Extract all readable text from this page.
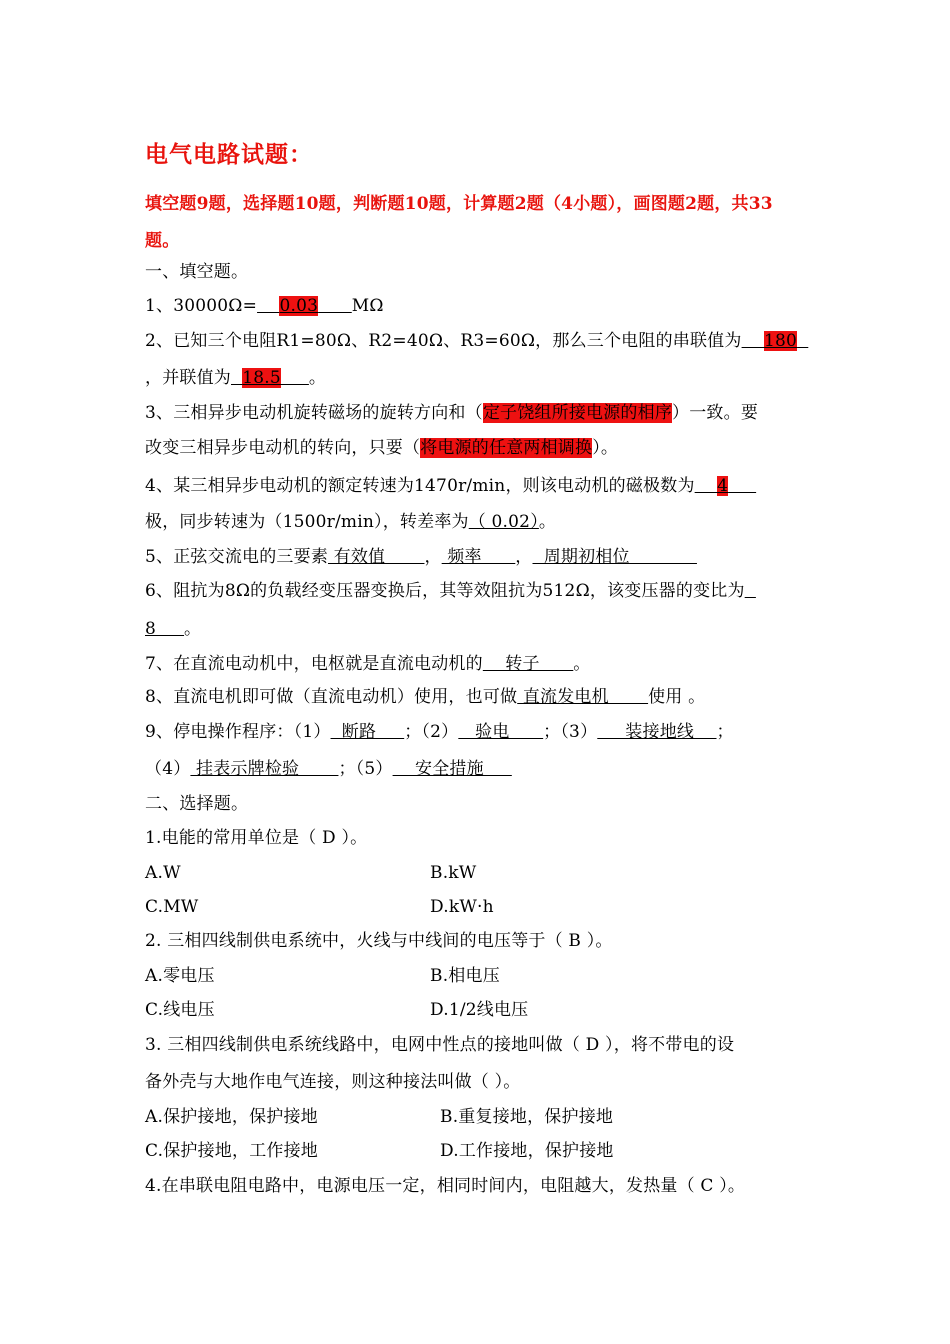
电气电路试题：
填空题9题，选择题10题，判断题10题，计算题2题（4小题），画图题2题，共33
题。
一、填空题。
1、30000Ω= 0.03 MΩ
2、已知三个电阻R1=80Ω、R2=40Ω、R3=60Ω，那么三个电阻的串联值为 180
，并联值为 18.5 。
3、三相异步电动机旋转磁场的旋转方向和（定子饶组所接电源的相序）一致。要
改变三相异步电动机的转向，只要（将电源的任意两相调换）。
4、某三相异步电动机的额定转速为1470r/min，则该电动机的磁极数为 4
极，同步转速为（1500r/min），转差率为（ 0.02）。
5、正弦交流电的三要素 有效值       ， 频率      ，  周期初相位
6、阻抗为8Ω的负载经变压器变换后，其等效阻抗为512Ω，该变压器的变比为
8     。
7、在直流电动机中，电枢就是直流电动机的    转子      。
8、直流电机即可做（直流电动机）使用，也可做 直流发电机       使用 。
9、停电操作程序：（1）  断路     ；（2）   验电      ；（3）     装接地线    ；
（4） 挂表示牌检验       ；（5）    安全措施
二、选择题。
1.电能的常用单位是（ D ）。
A.W	B.kW
C.MW	D.kW·h
2. 三相四线制供电系统中，火线与中线间的电压等于（ B ）。
A.零电压	B.相电压
C.线电压	D.1/2线电压
3. 三相四线制供电系统线路中，电网中性点的接地叫做（ D ），将不带电的设
备外壳与大地作电气连接，则这种接法叫做（ ）。
A.保护接地，保护接地	B.重复接地，保护接地
C.保护接地，工作接地	D.工作接地，保护接地
4.在串联电阻电路中，电源电压一定，相同时间内，电阻越大，发热量（ C ）。
